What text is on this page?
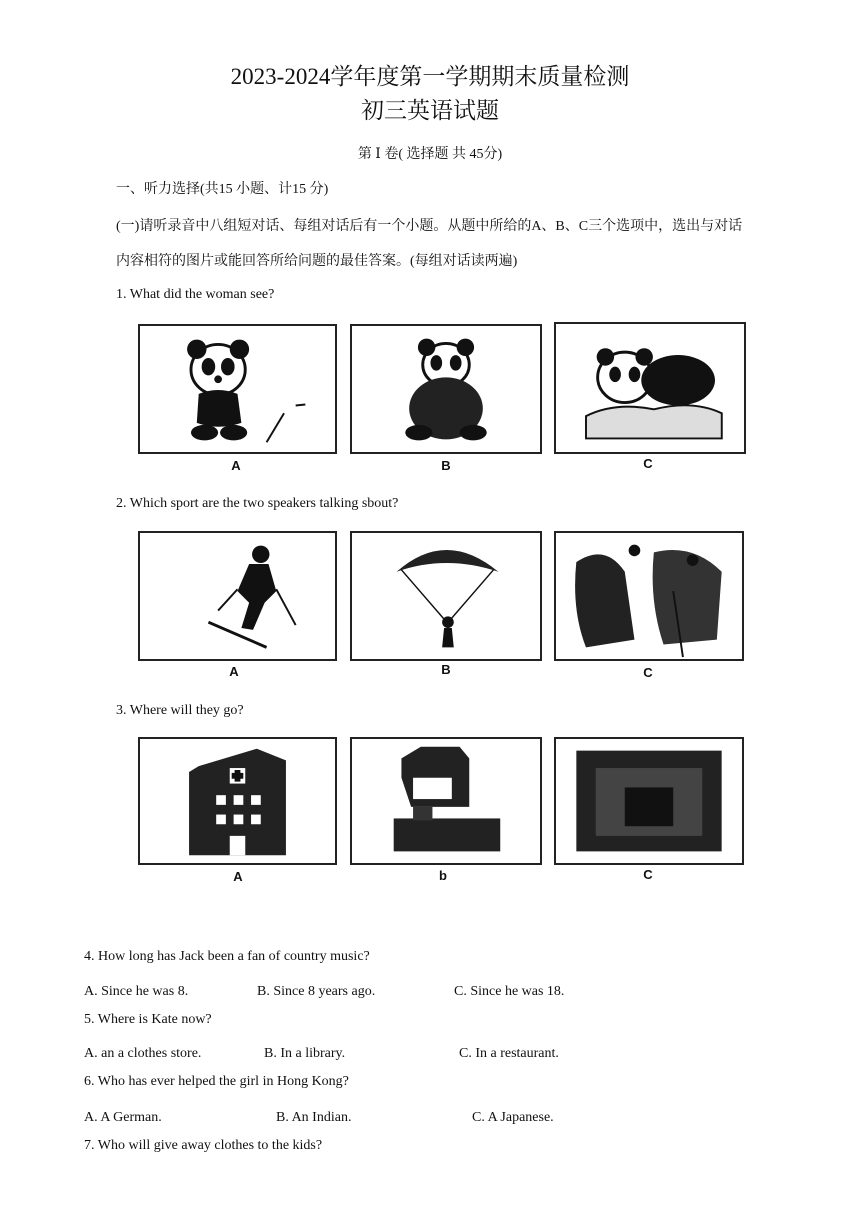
2023-2024学年度第一学期期末质量检测
初三英语试题
第 Ⅰ 卷( 选择题 共 45分)
一、听力选择(共15 小题、计15 分)
(一)请听录音中八组短对话、每组对话后有一个小题。从题中所给的A、B、C三个选项中，选出与对话
内容相符的图片或能回答所给问题的最佳答案。(每组对话读两遍)
1. What did the woman see?
A	B	C
2. Which sport are the two speakers talking sbout?
A	B	C
3. Where will they go?
A	b	C
4. How long has Jack been a fan of country music?
A. Since he was 8.	B. Since 8 years ago.	C. Since he was 18.
5. Where is Kate now?
A. an a clothes store.	B. In a library.	C. In a restaurant.
6. Who has ever helped the girl in Hong Kong?
A. A German.	B. An Indian.	C. A Japanese.
7. Who will give away clothes to the kids?
